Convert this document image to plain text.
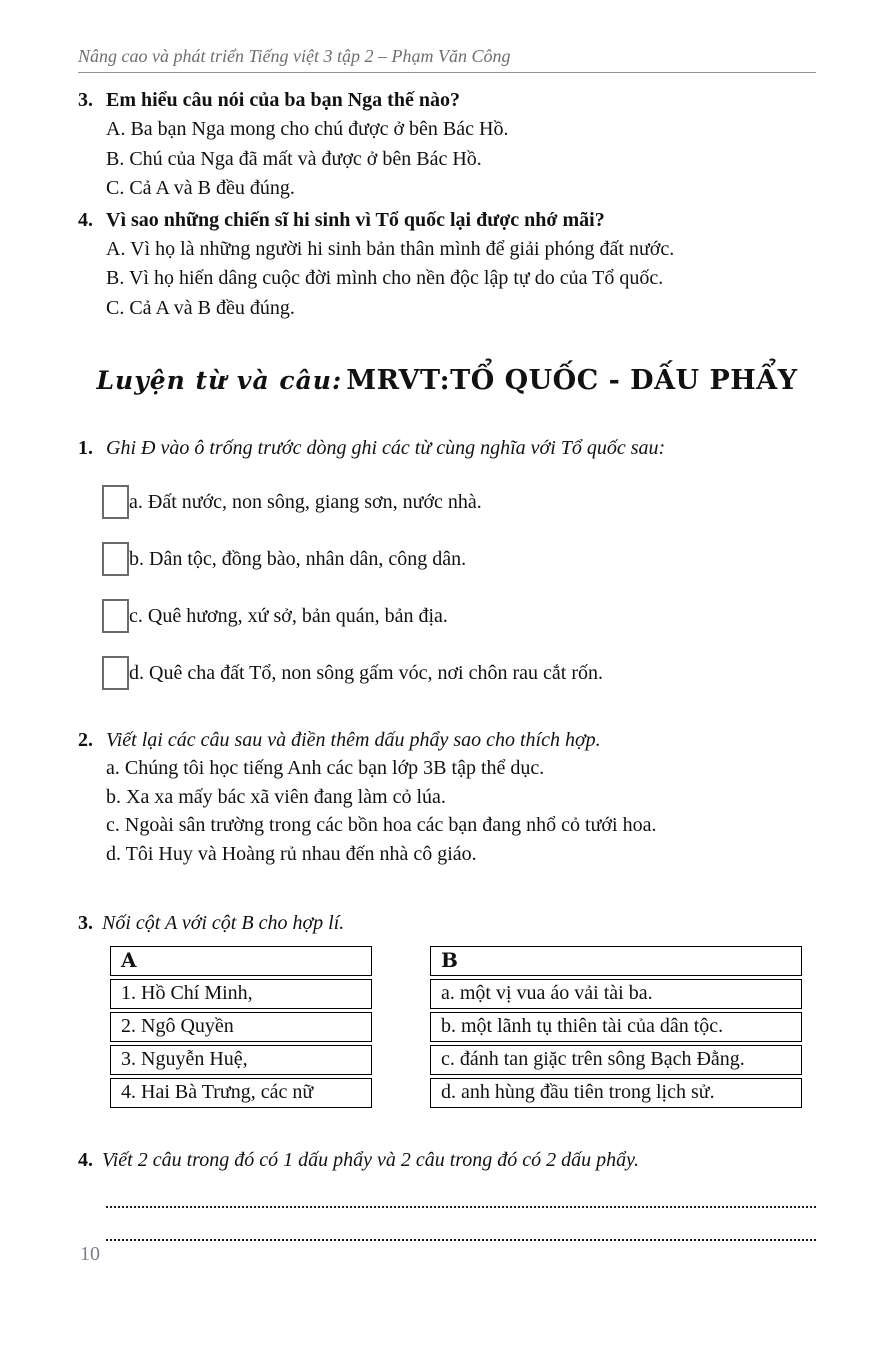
Nâng cao và phát triển Tiếng việt 3 tập 2 – Phạm Văn Công
3. Em hiểu câu nói của ba bạn Nga thế nào?
A. Ba bạn Nga mong cho chú được ở bên Bác Hồ.
B. Chú của Nga đã mất và được ở bên Bác Hồ.
C. Cả A và B đều đúng.
4. Vì sao những chiến sĩ hi sinh vì Tổ quốc lại được nhớ mãi?
A. Vì họ là những người hi sinh bản thân mình để giải phóng đất nước.
B. Vì họ hiến dâng cuộc đời mình cho nền độc lập tự do của Tổ quốc.
C. Cả A và B đều đúng.
Luyện từ và câu: MRVT:TỔ QUỐC - DẤU PHẨY
1. Ghi Đ vào ô trống trước dòng ghi các từ cùng nghĩa với Tổ quốc sau:
a. Đất nước, non sông, giang sơn, nước nhà.
b. Dân tộc, đồng bào, nhân dân, công dân.
c. Quê hương, xứ sở, bản quán, bản địa.
d. Quê cha đất Tổ, non sông gấm vóc, nơi chôn rau cắt rốn.
2. Viết lại các câu sau và điền thêm dấu phẩy sao cho thích hợp.
a. Chúng tôi học tiếng Anh các bạn lớp 3B tập thể dục.
b. Xa xa mấy bác xã viên đang làm cỏ lúa.
c. Ngoài sân trường trong các bồn hoa các bạn đang nhổ cỏ tưới hoa.
d. Tôi Huy và Hoàng rủ nhau đến nhà cô giáo.
3. Nối cột A với cột B cho hợp lí.
A
1. Hồ Chí Minh,
2. Ngô Quyền
3. Nguyễn Huệ,
4. Hai Bà Trưng, các nữ
B
a. một vị vua áo vải tài ba.
b. một lãnh tụ thiên tài của dân tộc.
c. đánh tan giặc trên sông Bạch Đằng.
d. anh hùng đầu tiên trong lịch sử.
4. Viết 2 câu trong đó có 1 dấu phẩy và 2 câu trong đó có 2 dấu phẩy.
10
